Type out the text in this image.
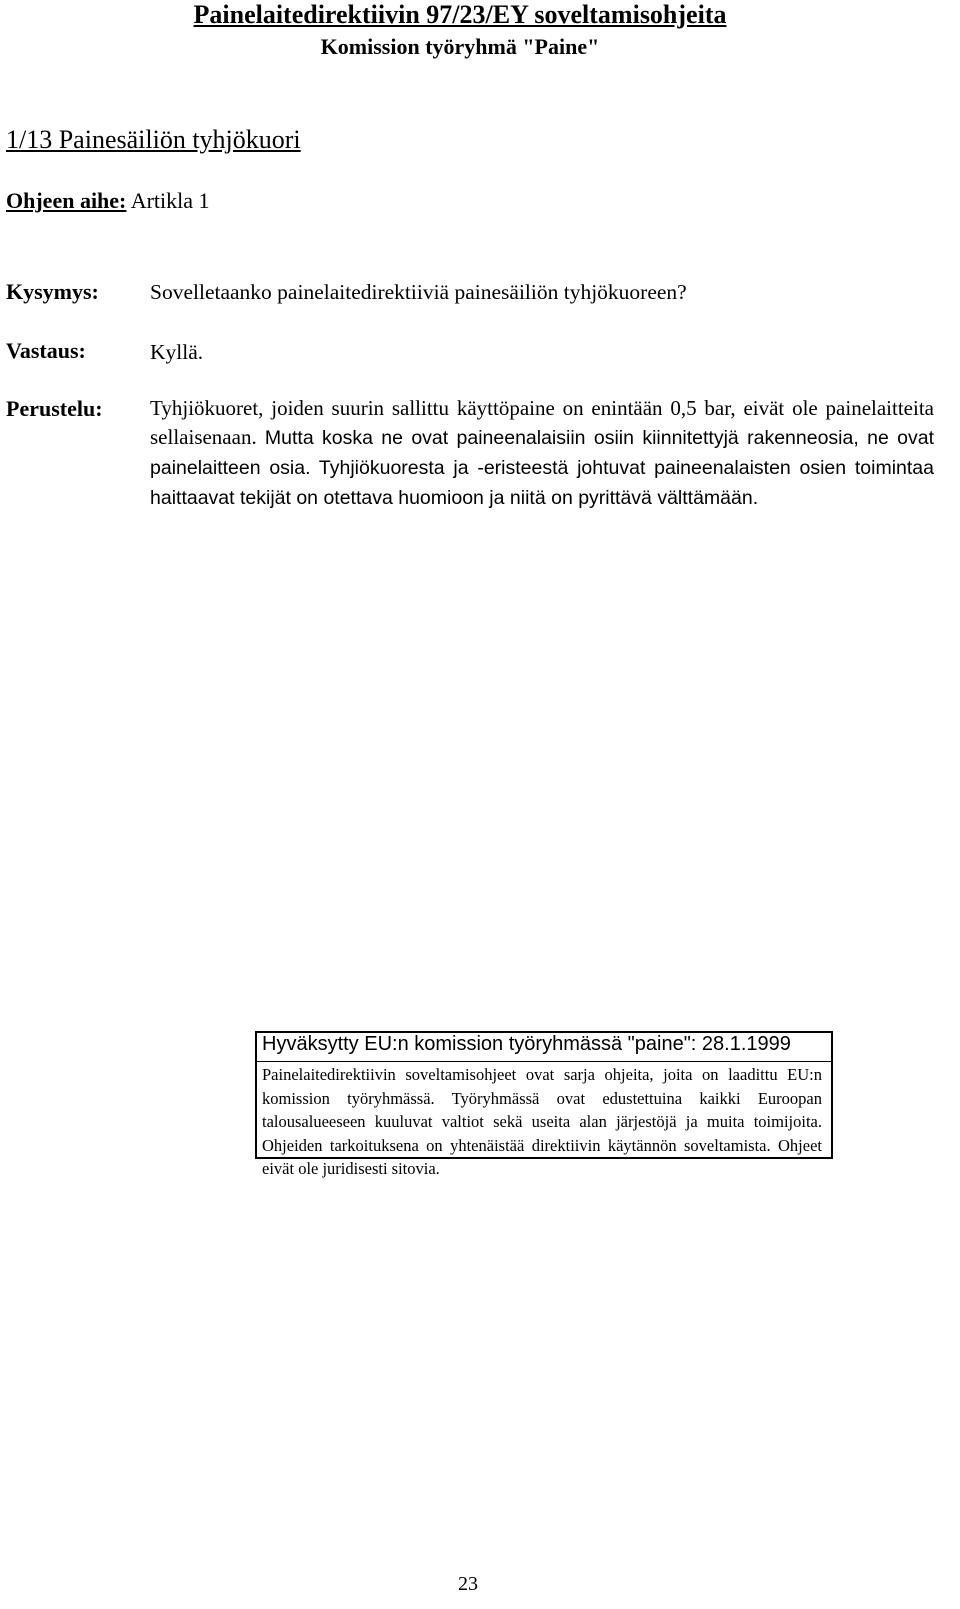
Painelaitedirektiivin 97/23/EY soveltamisohjeita
Komission työryhmä "Paine"
1/13 Painesäiliön tyhjökuori
Ohjeen aihe: Artikla 1
Kysymys: Sovelletaanko painelaitedirektiiviä painesäiliön tyhjökuoreen?
Vastaus:	Kyllä.
Perustelu: Tyhjiökuoret, joiden suurin sallittu käyttöpaine on enintään 0,5 bar, eivät ole painelaitteita sellaisenaan. Mutta koska ne ovat paineenalaisiin osiin kiinnitettyjä rakenneosia, ne ovat painelaitteen osia. Tyhjiökuoresta ja -eristeestä johtuvat paineenalaisten osien toimintaa haittaavat tekijät on otettava huomioon ja niitä on pyrittävä välttämään.
Hyväksytty EU:n komission työryhmässä "paine": 28.1.1999
Painelaitedirektiivin soveltamisohjeet ovat sarja ohjeita, joita on laadittu EU:n komission työryhmässä. Työryhmässä ovat edustettuina kaikki Euroopan talousalueeseen kuuluvat valtiot sekä useita alan järjestöjä ja muita toimijoita. Ohjeiden tarkoituksena on yhtenäistää direktiivin käytännön soveltamista. Ohjeet eivät ole juridisesti sitovia.
23
